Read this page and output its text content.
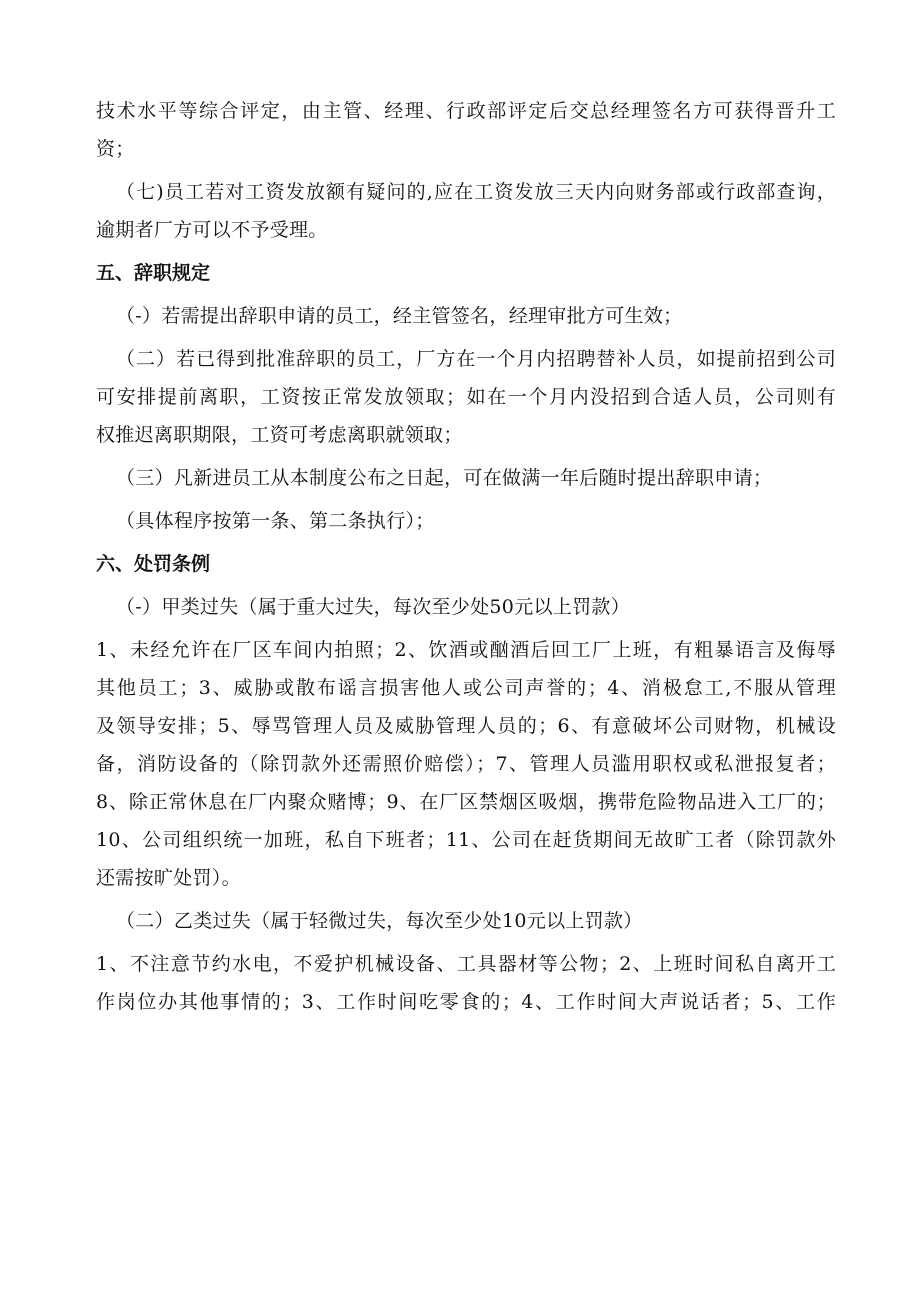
技术水平等综合评定，由主管、经理、行政部评定后交总经理签名方可获得晋升工
资；
（七)员工若对工资发放额有疑问的,应在工资发放三天内向财务部或行政部查询，
逾期者厂方可以不予受理。
五、辞职规定
（-）若需提出辞职申请的员工，经主管签名，经理审批方可生效；
（二）若已得到批准辞职的员工，厂方在一个月内招聘替补人员，如提前招到公司
可安排提前离职，工资按正常发放领取；如在一个月内没招到合适人员，公司则有
权推迟离职期限，工资可考虑离职就领取；
（三）凡新进员工从本制度公布之日起，可在做满一年后随时提出辞职申请；
（具体程序按第一条、第二条执行）；
六、处罚条例
（-）甲类过失（属于重大过失，每次至少处50元以上罚款）
1、未经允许在厂区车间内拍照；2、饮酒或酗酒后回工厂上班，有粗暴语言及侮辱
其他员工；3、威胁或散布谣言损害他人或公司声誉的；4、消极怠工,不服从管理
及领导安排；5、辱骂管理人员及威胁管理人员的；6、有意破坏公司财物，机械设
备，消防设备的（除罚款外还需照价赔偿）；7、管理人员滥用职权或私泄报复者；
8、除正常休息在厂内聚众赌博；9、在厂区禁烟区吸烟，携带危险物品进入工厂的；
10、公司组织统一加班，私自下班者；11、公司在赶货期间无故旷工者（除罚款外
还需按旷处罚）。
（二）乙类过失（属于轻微过失，每次至少处10元以上罚款）
1、不注意节约水电，不爱护机械设备、工具器材等公物；2、上班时间私自离开工
作岗位办其他事情的；3、工作时间吃零食的；4、工作时间大声说话者；5、工作
